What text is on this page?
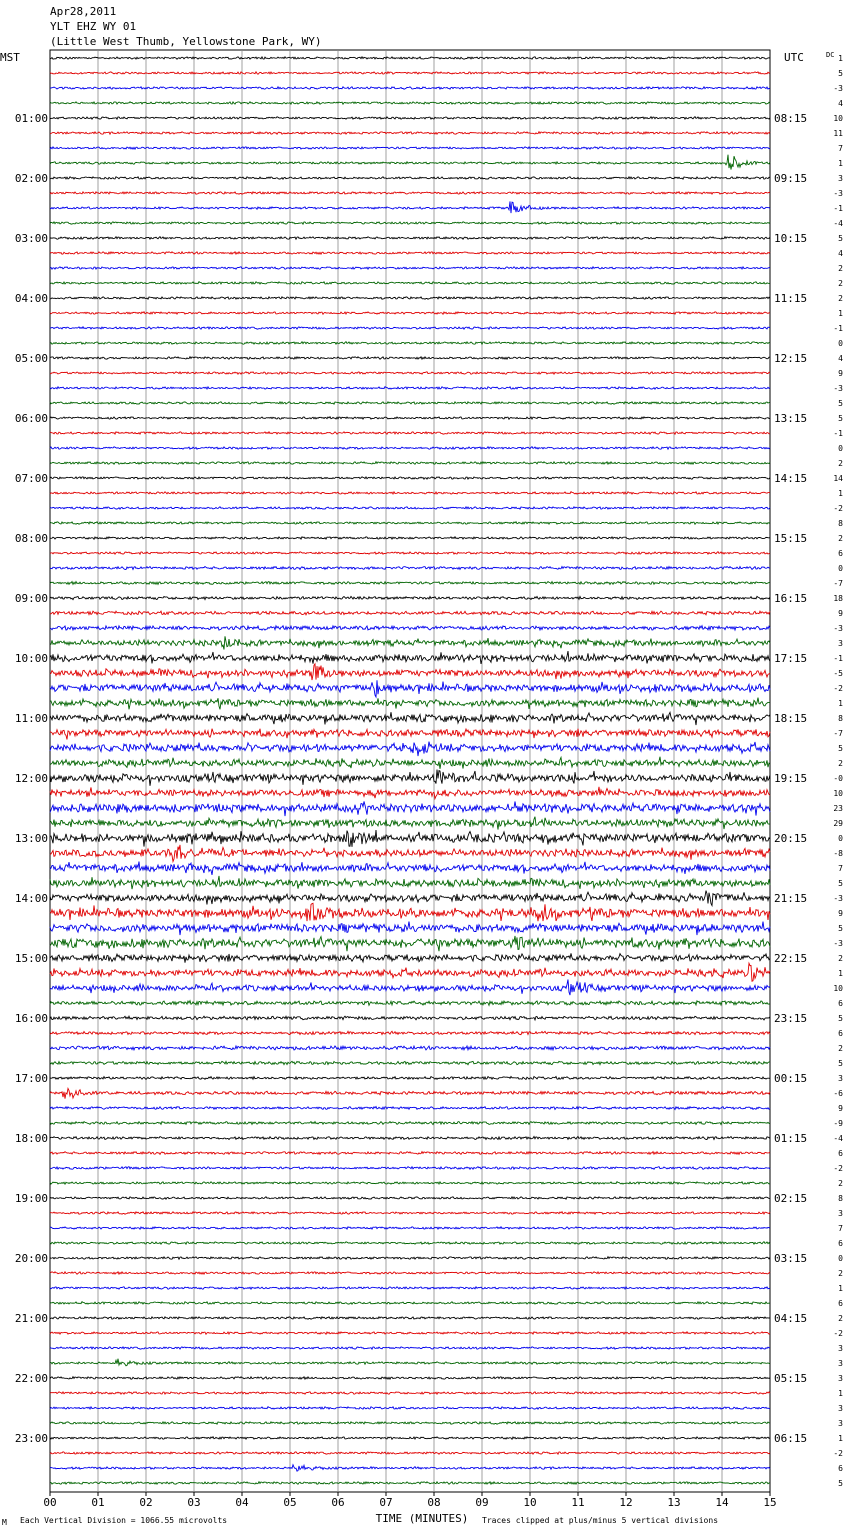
Apr28,2011
YLT EHZ WY 01
(Little West Thumb, Yellowstone Park, WY)
1
5
-3
4
10
11
7
1
3
-3
-1
-4
5
4
2
2
2
1
-1
0
4
9
-3
5
5
-1
0
2
14
1
-2
8
2
6
0
-7
18
9
-3
3
-1
-5
-2
1
8
-7
5
2
-0
10
23
29
0
-8
7
5
-3
9
5
-3
2
1
10
6
5
6
2
5
3
-6
9
-9
-4
6
-2
2
8
3
7
6
0
2
1
6
2
-2
3
3
3
1
3
3
1
-2
6
5
MST	UTC	DC
01:00
02:00
03:00
04:00
05:00
06:00
07:00
08:00
09:00
10:00
11:00
12:00
13:00
14:00
15:00
16:00
17:00
18:00
19:00
20:00
21:00
22:00
23:00
08:15
09:15
10:15
11:15
12:15
13:15
14:15
15:15
16:15
17:15
18:15
19:15
20:15
21:15
22:15
23:15
00:15
01:15
02:15
03:15
04:15
05:15
06:15
00	01	02	03	04	05	06	07	08	09	10	11	12	13	14	15
TIME (MINUTES)
M Each Vertical Division = 1066.55 microvolts	Traces clipped at plus/minus 5 vertical divisions
